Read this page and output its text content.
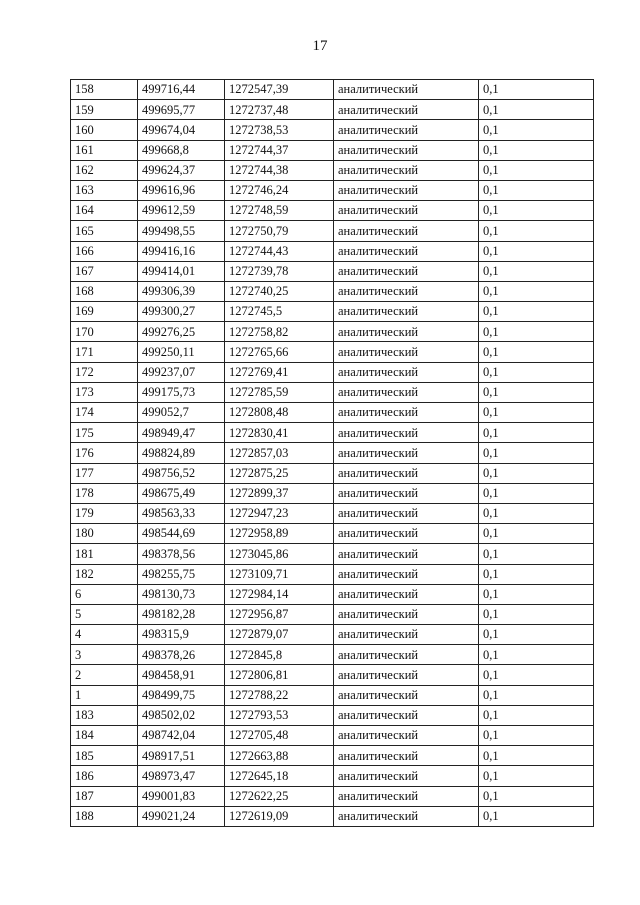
17
158	499716,44	1272547,39	аналитический	0,1
159	499695,77	1272737,48	аналитический	0,1
160	499674,04	1272738,53	аналитический	0,1
161	499668,8	1272744,37	аналитический	0,1
162	499624,37	1272744,38	аналитический	0,1
163	499616,96	1272746,24	аналитический	0,1
164	499612,59	1272748,59	аналитический	0,1
165	499498,55	1272750,79	аналитический	0,1
166	499416,16	1272744,43	аналитический	0,1
167	499414,01	1272739,78	аналитический	0,1
168	499306,39	1272740,25	аналитический	0,1
169	499300,27	1272745,5	аналитический	0,1
170	499276,25	1272758,82	аналитический	0,1
171	499250,11	1272765,66	аналитический	0,1
172	499237,07	1272769,41	аналитический	0,1
173	499175,73	1272785,59	аналитический	0,1
174	499052,7	1272808,48	аналитический	0,1
175	498949,47	1272830,41	аналитический	0,1
176	498824,89	1272857,03	аналитический	0,1
177	498756,52	1272875,25	аналитический	0,1
178	498675,49	1272899,37	аналитический	0,1
179	498563,33	1272947,23	аналитический	0,1
180	498544,69	1272958,89	аналитический	0,1
181	498378,56	1273045,86	аналитический	0,1
182	498255,75	1273109,71	аналитический	0,1
6	498130,73	1272984,14	аналитический	0,1
5	498182,28	1272956,87	аналитический	0,1
4	498315,9	1272879,07	аналитический	0,1
3	498378,26	1272845,8	аналитический	0,1
2	498458,91	1272806,81	аналитический	0,1
1	498499,75	1272788,22	аналитический	0,1
183	498502,02	1272793,53	аналитический	0,1
184	498742,04	1272705,48	аналитический	0,1
185	498917,51	1272663,88	аналитический	0,1
186	498973,47	1272645,18	аналитический	0,1
187	499001,83	1272622,25	аналитический	0,1
188	499021,24	1272619,09	аналитический	0,1
